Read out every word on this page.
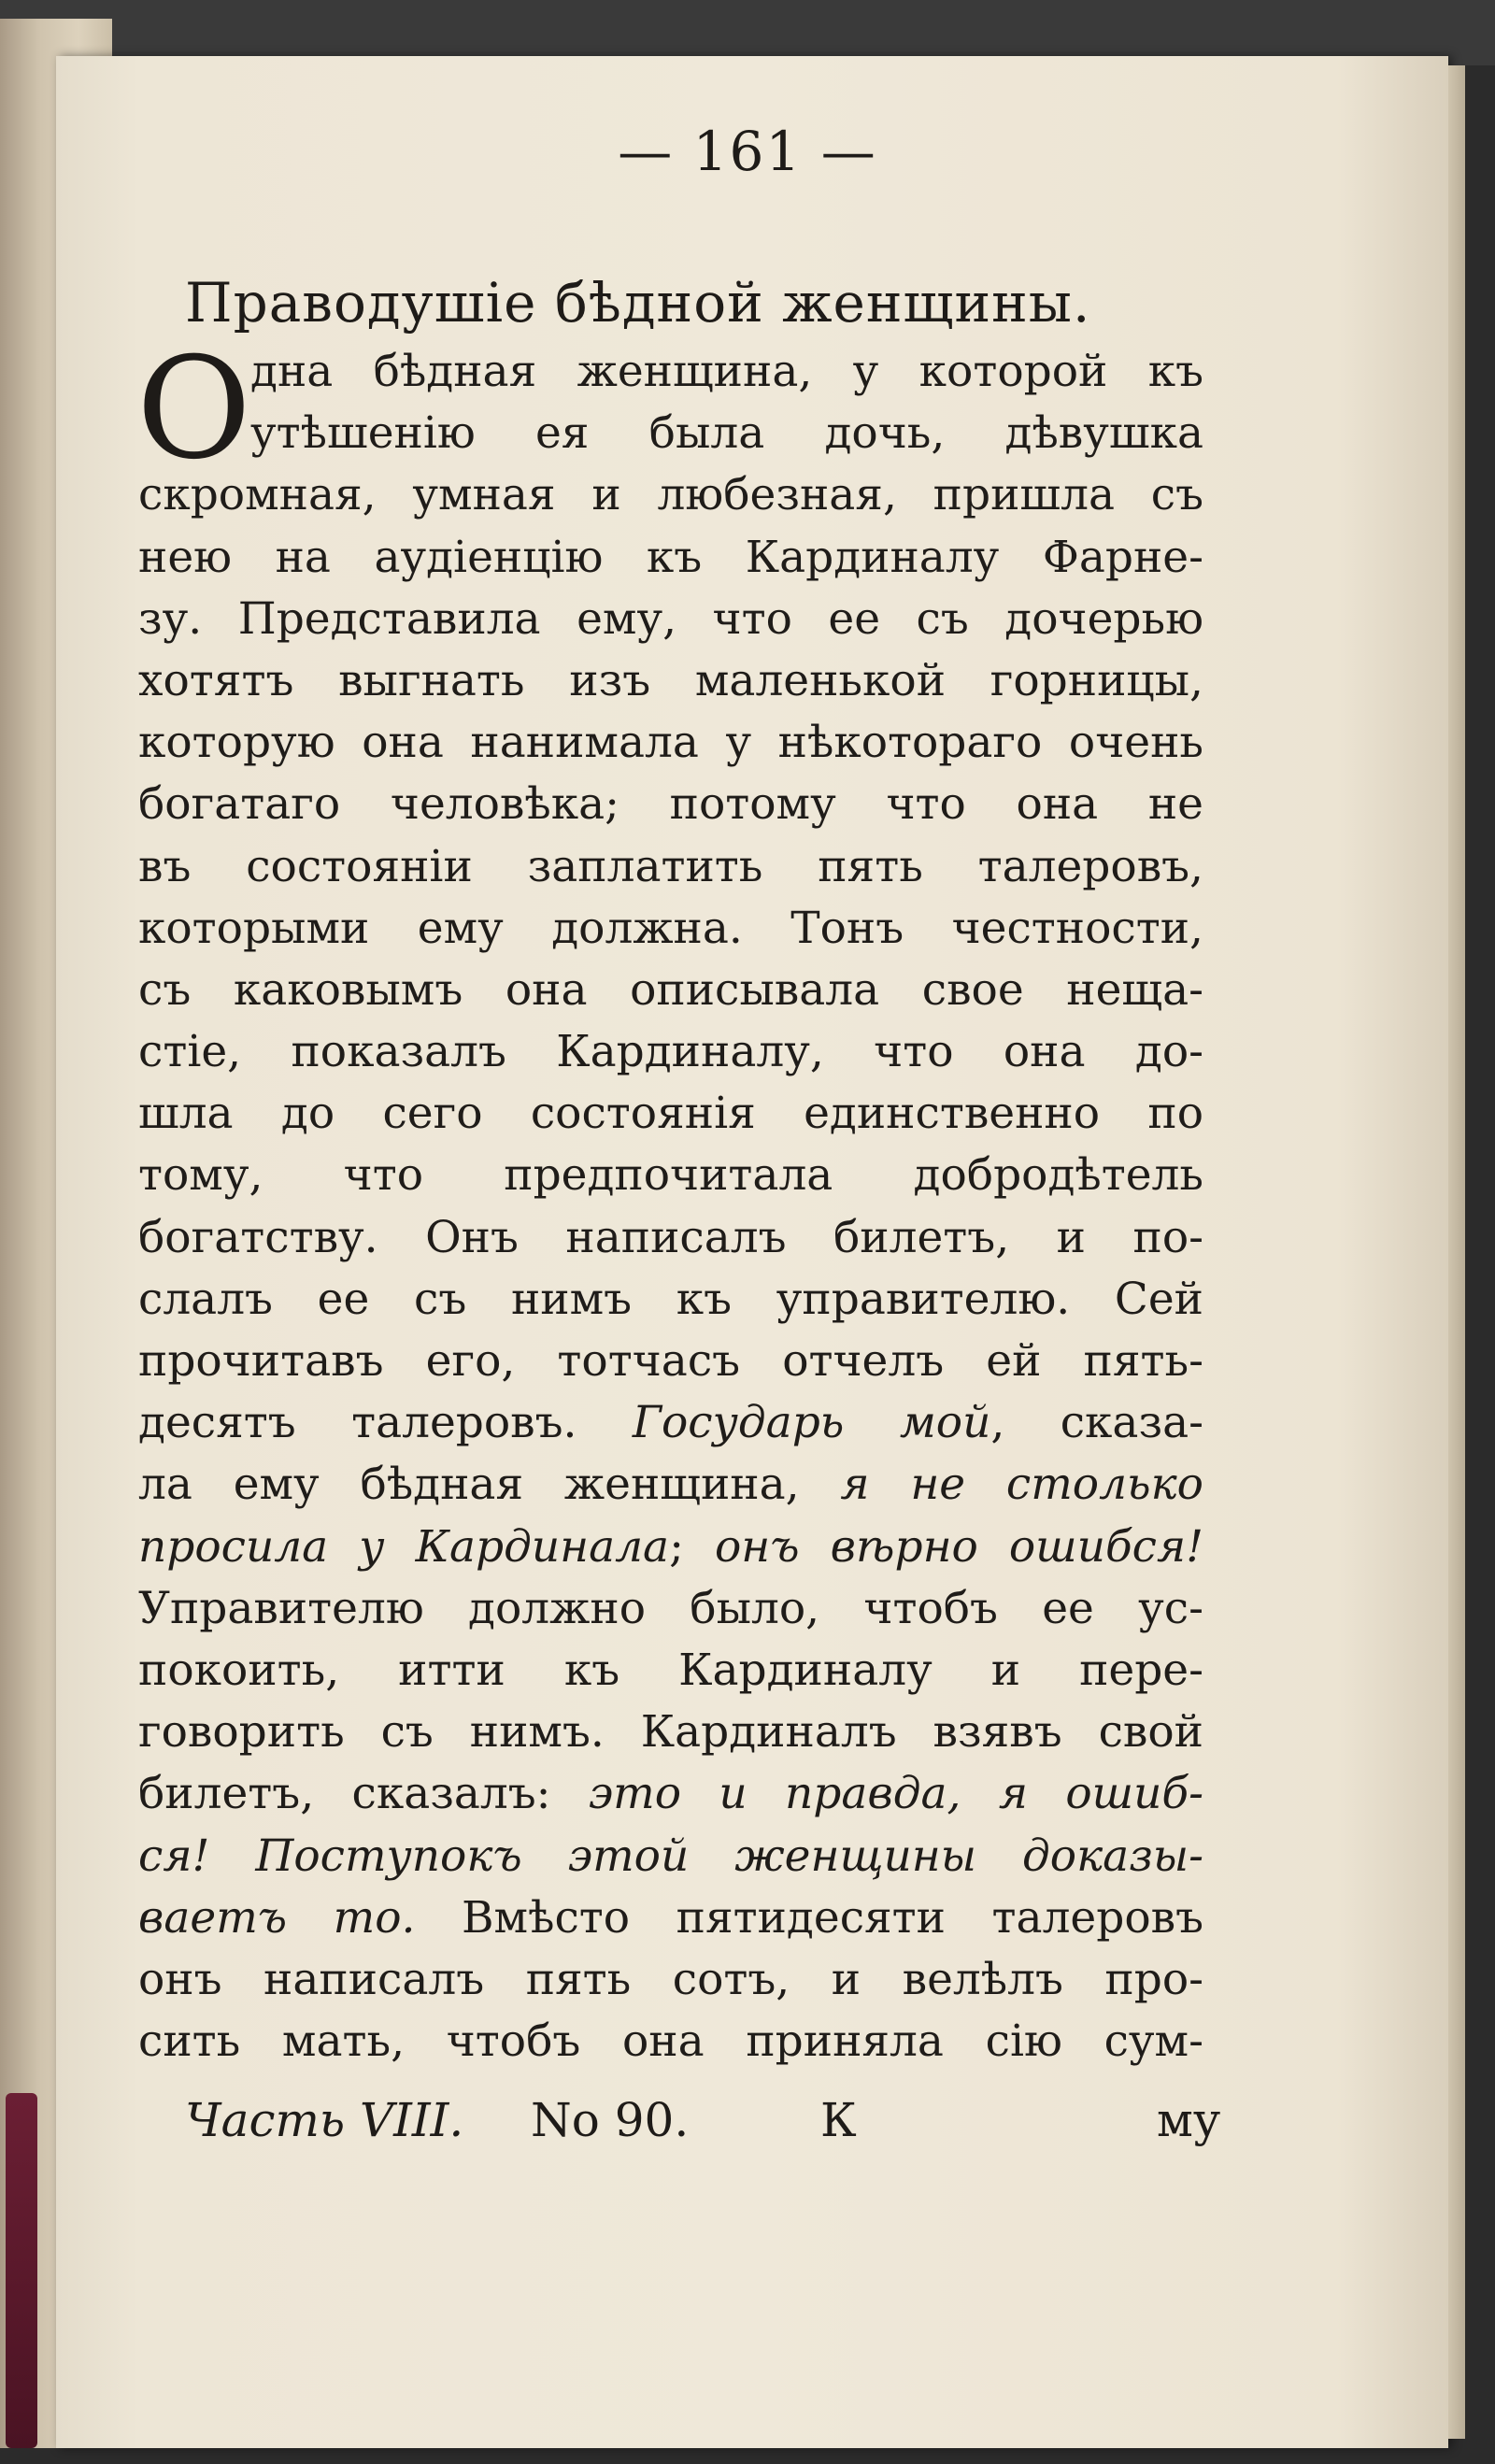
— 161 —
Праводушіе бѣдной женщины.
О дна бѣдная женщина, у которой къ
утѣшенію ея была дочь, дѣвушка
скромная, умная и любезная, пришла съ
нею на аудіенцію къ Кардиналу Фарне-
зу. Представила ему, что ее съ дочерью
хотятъ выгнать изъ маленькой горницы,
которую она нанимала у нѣкотораго очень
богатаго человѣка; потому что она не
въ состояніи заплатить пять талеровъ,
которыми ему должна. Тонъ честности,
съ каковымъ она описывала свое неща-
стіе, показалъ Кардиналу, что она до-
шла до сего состоянія единственно по
тому, что предпочитала добродѣтель
богатству. Онъ написалъ билетъ, и по-
слалъ ее съ нимъ къ управителю. Сей
прочитавъ его, тотчасъ отчелъ ей пять-
десятъ талеровъ. Государь мой, сказа-
ла ему бѣдная женщина, я не столько
просила у Кардинала; онъ вѣрно ошибся!
Управителю должно было, чтобъ ее ус-
покоить, итти къ Кардиналу и пере-
говорить съ нимъ. Кардиналъ взявъ свой
билетъ, сказалъ: это и правда, я ошиб-
ся! Поступокъ этой женщины доказы-
ваетъ то. Вмѣсто пятидесяти талеровъ
онъ написалъ пять сотъ, и велѣлъ про-
сить мать, чтобъ она приняла сію сум-
Часть VIII. No 90.	К	му
